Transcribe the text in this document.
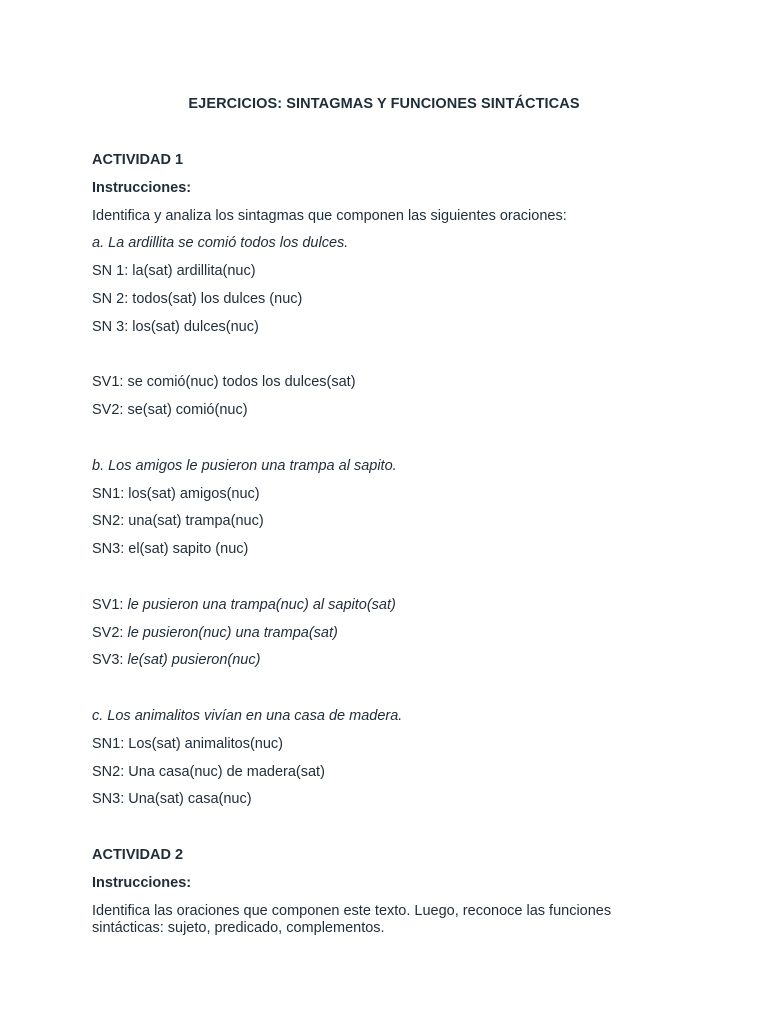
EJERCICIOS: SINTAGMAS Y FUNCIONES SINTÁCTICAS
ACTIVIDAD 1
Instrucciones:
Identifica y analiza los sintagmas que componen las siguientes oraciones:
a. La ardillita se comió todos los dulces.
SN 1: la(sat) ardillita(nuc)
SN 2: todos(sat) los dulces (nuc)
SN 3: los(sat) dulces(nuc)
SV1: se comió(nuc) todos los dulces(sat)
SV2: se(sat) comió(nuc)
b. Los amigos le pusieron una trampa al sapito.
SN1: los(sat) amigos(nuc)
SN2: una(sat) trampa(nuc)
SN3: el(sat) sapito (nuc)
SV1: le pusieron una trampa(nuc) al sapito(sat)
SV2: le pusieron(nuc) una trampa(sat)
SV3: le(sat) pusieron(nuc)
c. Los animalitos vivían en una casa de madera.
SN1: Los(sat) animalitos(nuc)
SN2: Una casa(nuc) de madera(sat)
SN3: Una(sat) casa(nuc)
ACTIVIDAD 2
Instrucciones:
Identifica las oraciones que componen este texto. Luego, reconoce las funciones sintácticas: sujeto, predicado, complementos.
